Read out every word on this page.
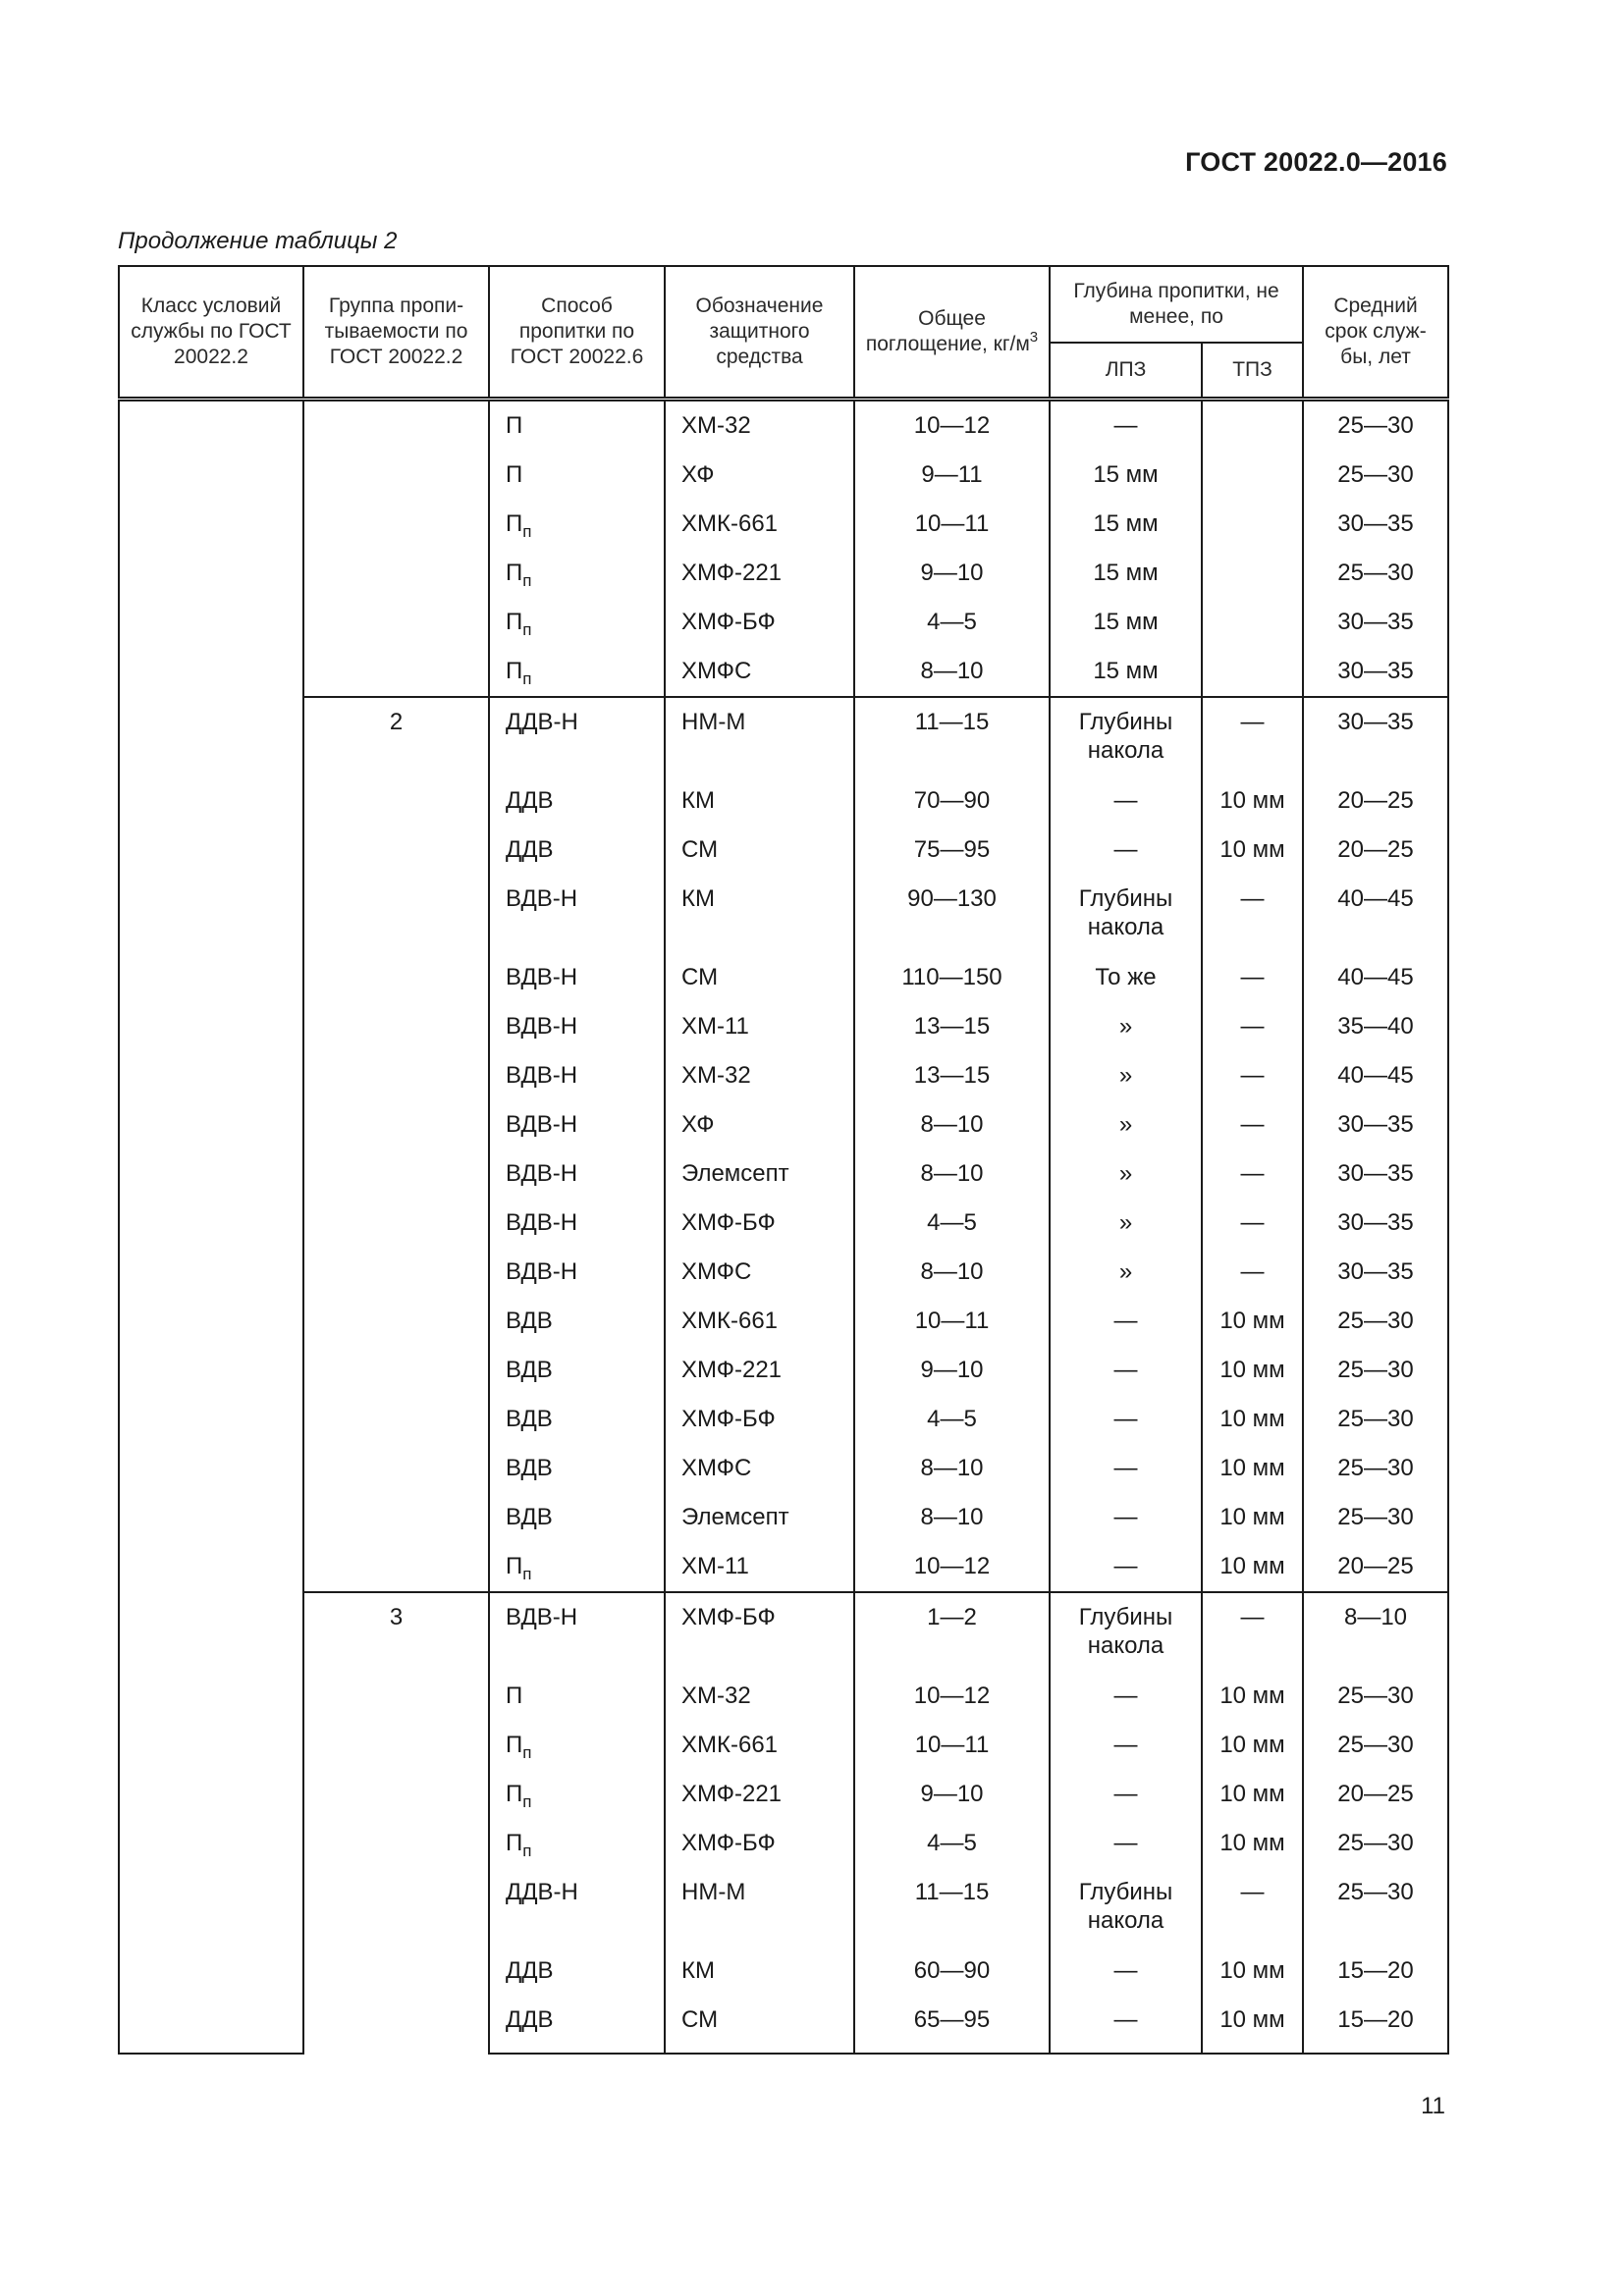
ГОСТ 20022.0—2016
Продолжение таблицы 2
Класс условий службы по ГОСТ 20022.2	Группа пропи-тываемости по ГОСТ 20022.2	Способ пропитки по ГОСТ 20022.6	Обозначение защитного средства	Общее поглощение, $кг/м^3$	Глубина пропитки, не менее, по		Средний срок служ-бы, лет
					ЛПЗ	ТПЗ	
		П	ХМ-32	10—12	—		25—30
		П	ХФ	9—11	15 мм		25—30
		$П_п$	ХМК-661	10—11	15 мм		30—35
		$П_п$	ХМФ-221	9—10	15 мм		25—30
		$П_п$	ХМФ-БФ	4—5	15 мм		30—35
		$П_п$	ХМФС	8—10	15 мм		30—35
	2	ДДВ-Н	НМ-М	11—15	Глубины накола	—	30—35
		ДДВ	КМ	70—90	—	10 мм	20—25
		ДДВ	СМ	75—95	—	10 мм	20—25
		ВДВ-Н	КМ	90—130	Глубины накола	—	40—45
		ВДВ-Н	СМ	110—150	То же	—	40—45
		ВДВ-Н	ХМ-11	13—15	»	—	35—40
		ВДВ-Н	ХМ-32	13—15	»	—	40—45
		ВДВ-Н	ХФ	8—10	»	—	30—35
		ВДВ-Н	Элемсепт	8—10	»	—	30—35
		ВДВ-Н	ХМФ-БФ	4—5	»	—	30—35
		ВДВ-Н	ХМФС	8—10	»	—	30—35
		ВДВ	ХМК-661	10—11	—	10 мм	25—30
		ВДВ	ХМФ-221	9—10	—	10 мм	25—30
		ВДВ	ХМФ-БФ	4—5	—	10 мм	25—30
		ВДВ	ХМФС	8—10	—	10 мм	25—30
		ВДВ	Элемсепт	8—10	—	10 мм	25—30
		$П_п$	ХМ-11	10—12	—	10 мм	20—25
	3	ВДВ-Н	ХМФ-БФ	1—2	Глубины накола	—	8—10
		П	ХМ-32	10—12	—	10 мм	25—30
		$П_п$	ХМК-661	10—11	—	10 мм	25—30
		$П_п$	ХМФ-221	9—10	—	10 мм	20—25
		$П_п$	ХМФ-БФ	4—5	—	10 мм	25—30
		ДДВ-Н	НМ-М	11—15	Глубины накола	—	25—30
		ДДВ	КМ	60—90	—	10 мм	15—20
		ДДВ	СМ	65—95	—	10 мм	15—20
11
